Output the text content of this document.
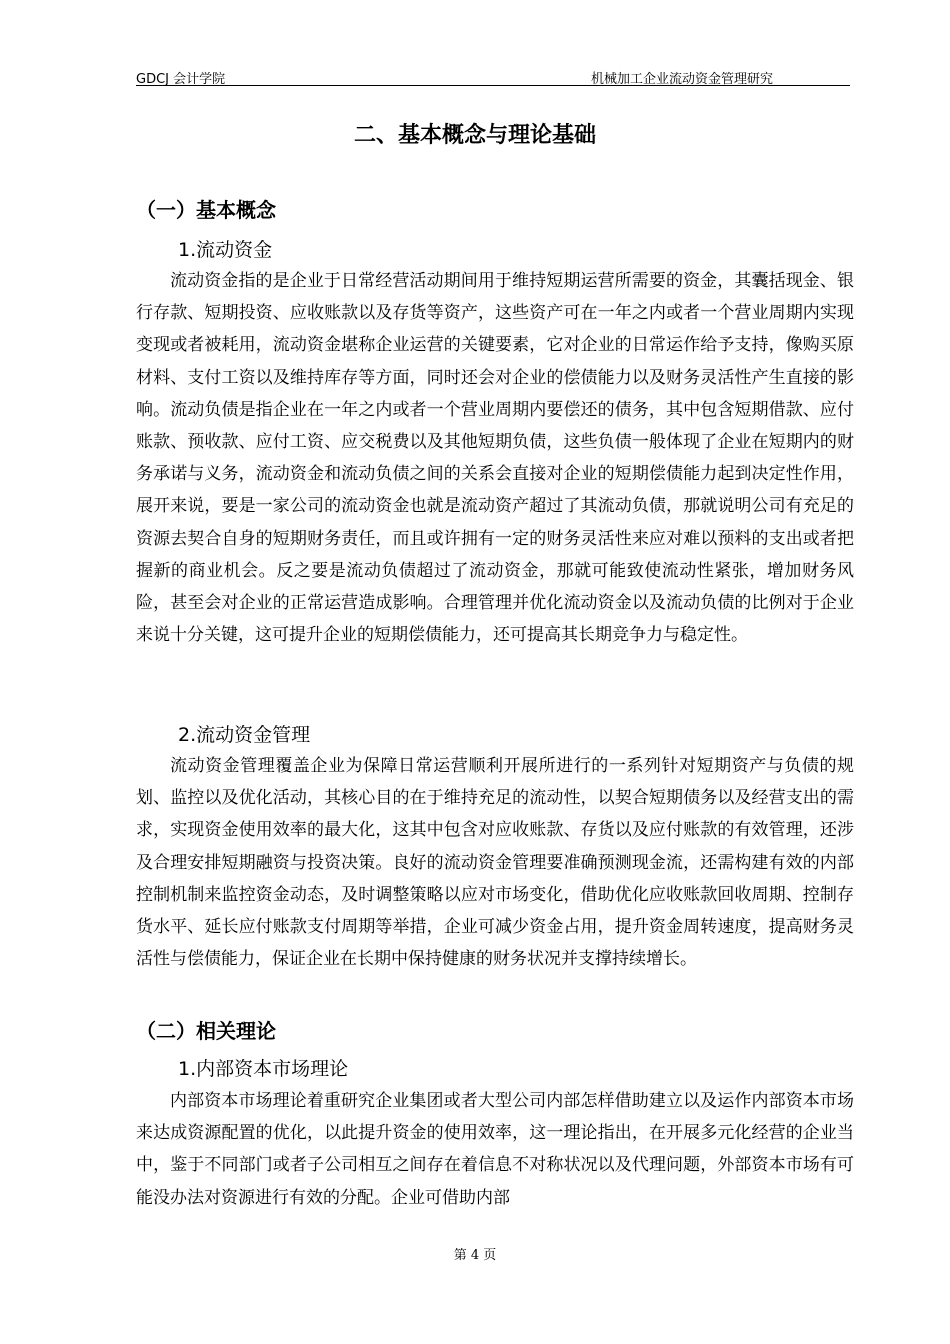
GDCJ 会计学院	机械加工企业流动资金管理研究
二、基本概念与理论基础
（一）基本概念
1.流动资金

流动资金指的是企业于日常经营活动期间用于维持短期运营所需要的资金，其囊括现金、银行存款、短期投资、应收账款以及存货等资产，这些资产可在一年之内或者一个营业周期内实现变现或者被耗用，流动资金堪称企业运营的关键要素，它对企业的日常运作给予支持，像购买原材料、支付工资以及维持库存等方面，同时还会对企业的偿债能力以及财务灵活性产生直接的影响。流动负债是指企业在一年之内或者一个营业周期内要偿还的债务，其中包含短期借款、应付账款、预收款、应付工资、应交税费以及其他短期负债，这些负债一般体现了企业在短期内的财务承诺与义务，流动资金和流动负债之间的关系会直接对企业的短期偿债能力起到决定性作用，展开来说，要是一家公司的流动资金也就是流动资产超过了其流动负债，那就说明公司有充足的资源去契合自身的短期财务责任，而且或许拥有一定的财务灵活性来应对难以预料的支出或者把握新的商业机会。反之要是流动负债超过了流动资金，那就可能致使流动性紧张，增加财务风险，甚至会对企业的正常运营造成影响。合理管理并优化流动资金以及流动负债的比例对于企业来说十分关键，这可提升企业的短期偿债能力，还可提高其长期竞争力与稳定性。

2.流动资金管理

流动资金管理覆盖企业为保障日常运营顺利开展所进行的一系列针对短期资产与负债的规划、监控以及优化活动，其核心目的在于维持充足的流动性，以契合短期债务以及经营支出的需求，实现资金使用效率的最大化，这其中包含对应收账款、存货以及应付账款的有效管理，还涉及合理安排短期融资与投资决策。良好的流动资金管理要准确预测现金流，还需构建有效的内部控制机制来监控资金动态，及时调整策略以应对市场变化，借助优化应收账款回收周期、控制存货水平、延长应付账款支付周期等举措，企业可减少资金占用，提升资金周转速度，提高财务灵活性与偿债能力，保证企业在长期中保持健康的财务状况并支撑持续增长。

（二）相关理论
1.内部资本市场理论

内部资本市场理论着重研究企业集团或者大型公司内部怎样借助建立以及运作内部资本市场来达成资源配置的优化，以此提升资金的使用效率，这一理论指出，在开展多元化经营的企业当中，鉴于不同部门或者子公司相互之间存在着信息不对称状况以及代理问题，外部资本市场有可能没办法对资源进行有效的分配。企业可借助内部

第 4 页
